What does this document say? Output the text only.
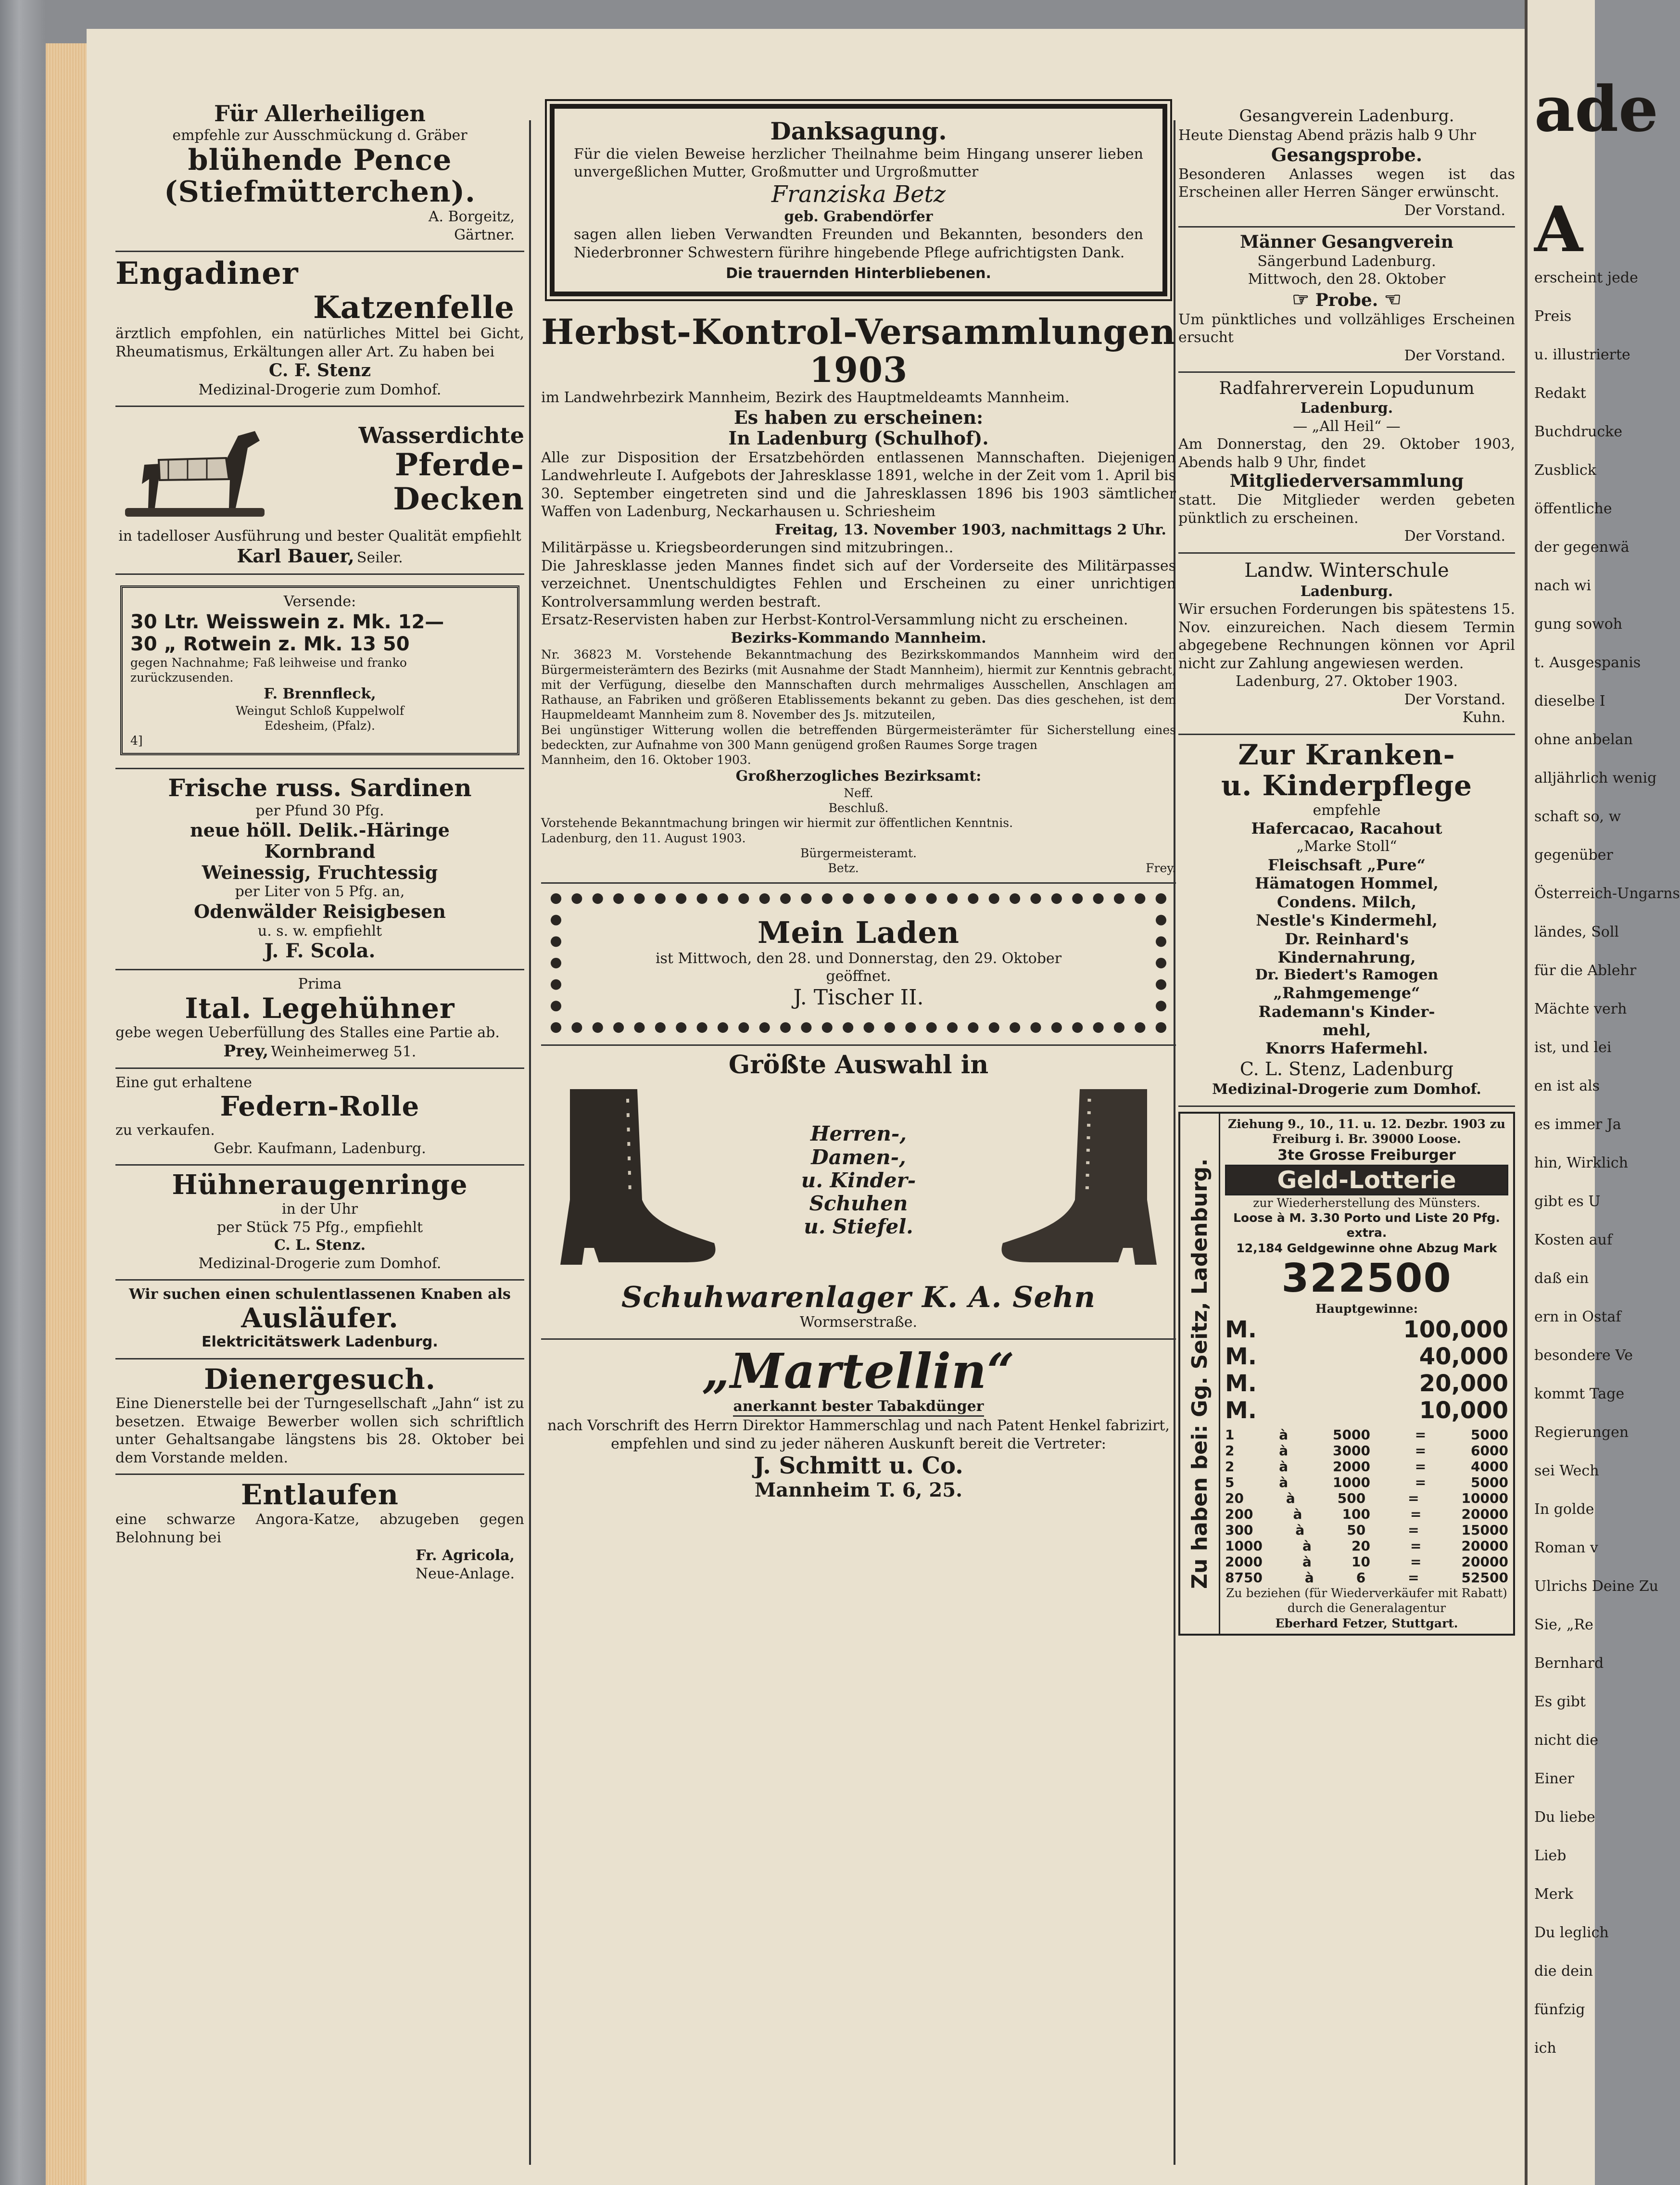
Für Allerheiligen
empfehle zur Ausschmückung d. Gräber
blühende Pence
(Stiefmütterchen).
A. Borgeitz,
Gärtner.
Engadiner
Katzenfelle
ärztlich empfohlen, ein natürliches Mittel bei Gicht, Rheumatismus, Erkältungen aller Art. Zu haben bei
C. F. Stenz
Medizinal-Drogerie zum Domhof.
Wasserdichte
Pferde-
Decken
in tadelloser Ausführung und bester Qualität empfiehlt
Karl Bauer, Seiler.
Versende:
30 Ltr. Weisswein z. Mk. 12—
30 „ Rotwein z. Mk. 13 50
gegen Nachnahme; Faß leihweise und franko zurückzusenden.
F. Brennfleck,
Weingut Schloß Kuppelwolf
Edesheim, (Pfalz).
4]
Frische russ. Sardinen
per Pfund 30 Pfg.
neue höll. Delik.-Häringe
Kornbrand
Weinessig, Fruchtessig
per Liter von 5 Pfg. an,
Odenwälder Reisigbesen
u. s. w. empfiehlt
J. F. Scola.
Prima
Ital. Legehühner
gebe wegen Ueberfüllung des Stalles eine Partie ab.
Prey, Weinheimerweg 51.
Eine gut erhaltene
Federn-Rolle
zu verkaufen.
Gebr. Kaufmann, Ladenburg.
Hühneraugenringe
in der Uhr
per Stück 75 Pfg., empfiehlt
C. L. Stenz.
Medizinal-Drogerie zum Domhof.
Wir suchen einen schulentlassenen Knaben als
Ausläufer.
Elektricitätswerk Ladenburg.
Dienergesuch.
Eine Dienerstelle bei der Turngesellschaft „Jahn“ ist zu besetzen. Etwaige Bewerber wollen sich schriftlich unter Gehaltsangabe längstens bis 28. Oktober bei dem Vorstande melden.
Entlaufen
eine schwarze Angora-Katze, abzugeben gegen Belohnung bei
Fr. Agricola,
Neue-Anlage.
Danksagung.
Für die vielen Beweise herzlicher Theilnahme beim Hingang unserer lieben unvergeßlichen Mutter, Großmutter und Urgroßmutter
Franziska Betz
geb. Grabendörfer
sagen allen lieben Verwandten Freunden und Bekannten, besonders den Niederbronner Schwestern fürihre hingebende Pflege aufrichtigsten Dank.
Die trauernden Hinterbliebenen.
Herbst-Kontrol-Versammlungen 1903
im Landwehrbezirk Mannheim, Bezirk des Hauptmeldeamts Mannheim.
Es haben zu erscheinen:
In Ladenburg (Schulhof).
Alle zur Disposition der Ersatzbehörden entlassenen Mannschaften. Diejenigen Landwehrleute I. Aufgebots der Jahresklasse 1891, welche in der Zeit vom 1. April bis 30. September eingetreten sind und die Jahresklassen 1896 bis 1903 sämtlicher Waffen von Ladenburg, Neckarhausen u. Schriesheim
Freitag, 13. November 1903, nachmittags 2 Uhr.
Militärpässe u. Kriegsbeorderungen sind mitzubringen..
Die Jahresklasse jeden Mannes findet sich auf der Vorderseite des Militärpasses verzeichnet. Unentschuldigtes Fehlen und Erscheinen zu einer unrichtigen Kontrolversammlung werden bestraft.
Ersatz-Reservisten haben zur Herbst-Kontrol-Versammlung nicht zu erscheinen.
Bezirks-Kommando Mannheim.
Nr. 36823 M. Vorstehende Bekanntmachung des Bezirkskommandos Mannheim wird den Bürgermeisterämtern des Bezirks (mit Ausnahme der Stadt Mannheim), hiermit zur Kenntnis gebracht, mit der Verfügung, dieselbe den Mannschaften durch mehrmaliges Ausschellen, Anschlagen am Rathause, an Fabriken und größeren Etablissements bekannt zu geben. Das dies geschehen, ist dem Haupmeldeamt Mannheim zum 8. November des Js. mitzuteilen,
Bei ungünstiger Witterung wollen die betreffenden Bürgermeisterämter für Sicherstellung eines bedeckten, zur Aufnahme von 300 Mann genügend großen Raumes Sorge tragen
Mannheim, den 16. Oktober 1903.
Großherzogliches Bezirksamt:
Neff.
Beschluß.
Vorstehende Bekanntmachung bringen wir hiermit zur öffentlichen Kenntnis.
Ladenburg, den 11. August 1903.
Bürgermeisteramt.
Betz.	Frey.
Mein Laden
ist Mittwoch, den 28. und Donnerstag, den 29. Oktober
geöffnet.
J. Tischer II.
Größte Auswahl in
Herren-,
Damen-,
u. Kinder-
Schuhen
u. Stiefel.
Schuhwarenlager K. A. Sehn
Wormserstraße.
„Martellin“
anerkannt bester Tabakdünger
nach Vorschrift des Herrn Direktor Hammerschlag und nach Patent Henkel fabrizirt, empfehlen und sind zu jeder näheren Auskunft bereit die Vertreter:
J. Schmitt u. Co.
Mannheim T. 6, 25.
Gesangverein Ladenburg.
Heute Dienstag Abend präzis halb 9 Uhr
Gesangsprobe.
Besonderen Anlasses wegen ist das Erscheinen aller Herren Sänger erwünscht.
Der Vorstand.
Männer Gesangverein
Sängerbund Ladenburg.
Mittwoch, den 28. Oktober
☞ Probe. ☜
Um pünktliches und vollzähliges Erscheinen ersucht
Der Vorstand.
Radfahrerverein Lopudunum
Ladenburg.
— „All Heil“ —
Am Donnerstag, den 29. Oktober 1903, Abends halb 9 Uhr, findet
Mitgliederversammlung
statt. Die Mitglieder werden gebeten pünktlich zu erscheinen.
Der Vorstand.
Landw. Winterschule
Ladenburg.
Wir ersuchen Forderungen bis spätestens 15. Nov. einzureichen. Nach diesem Termin abgegebene Rechnungen können vor April nicht zur Zahlung angewiesen werden.
Ladenburg, 27. Oktober 1903.
Der Vorstand.
Kuhn.
Zur Kranken-
u. Kinderpflege
empfehle
Hafercacao, Racahout
„Marke Stoll“
Fleischsaft „Pure“
Hämatogen Hommel,
Condens. Milch,
Nestle's Kindermehl,
Dr. Reinhard's
Kindernahrung,
Dr. Biedert's Ramogen
„Rahmgemenge“
Rademann's Kinder-
mehl,
Knorrs Hafermehl.
C. L. Stenz, Ladenburg
Medizinal-Drogerie zum Domhof.
Zu haben bei: Gg. Seitz, Ladenburg.
Ziehung 9., 10., 11. u. 12. Dezbr. 1903 zu Freiburg i. Br. 39000 Loose.
3te Grosse Freiburger
Geld-Lotterie
zur Wiederherstellung des Münsters.
Loose à M. 3.30 Porto und Liste 20 Pfg. extra.
12,184 Geldgewinne ohne Abzug Mark
322500
Hauptgewinne:
M.	100,000
M.	40,000
M.	20,000
M.	10,000
1	à	5000	=	5000
2	à	3000	=	6000
2	à	2000	=	4000
5	à	1000	=	5000
20	à	500	=	10000
200	à	100	=	20000
300	à	50	=	15000
1000	à	20	=	20000
2000	à	10	=	20000
8750	à	6	=	52500
Zu beziehen (für Wiederverkäufer mit Rabatt) durch die Generalagentur
Eberhard Fetzer, Stuttgart.
ade
A
erscheint jede
Preis
u. illustrierte
Redakt
Buchdrucke
Zusblick
öffentliche
der gegenwä
nach wi
gung sowoh
t. Ausgespanis
dieselbe I
ohne anbelan
alljährlich wenig
schaft so, w
gegenüber
Österreich-Ungarns
ländes, Soll
für die Ablehr
Mächte verh
ist, und lei
en ist als
es immer Ja
hin, Wirklich
gibt es U
Kosten auf
daß ein
ern in Ostaf
besondere Ve
kommt Tage
Regierungen
sei Wech
In golde
Roman v
Ulrichs Deine Zu
Sie, „Re
Bernhard
Es gibt
nicht die
Einer
Du liebe
Lieb
Merk
Du leglich
die dein
fünfzig
ich
